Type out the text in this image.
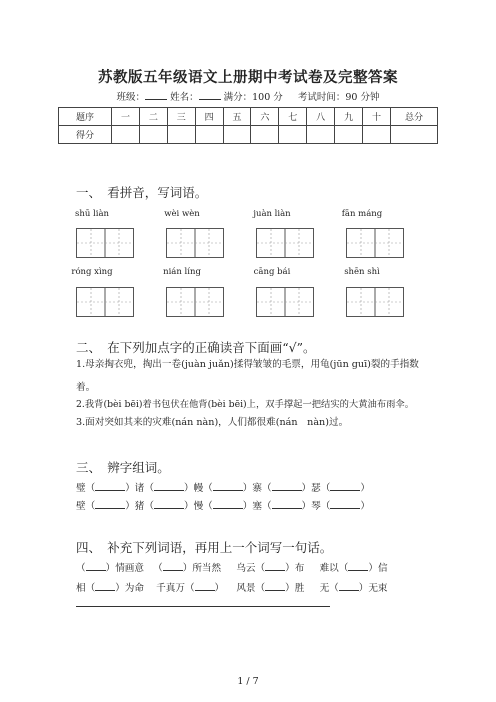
苏教版五年级语文上册期中考试卷及完整答案
班级：	姓名：	满分：100 分 考试时间：90 分钟
题序	一	二	三	四	五	六	七	八	九	十	总分
得分											
一、　看拼音，写词语。
shū liàn	wèi wèn	juàn liàn	fān máng
róng xìng	nián líng	cāng bái	shēn shì
二、　在下列加点字的正确读音下面画“√”。
1.母亲掏衣兜，掏出一卷(juàn juǎn)揉得皱皱的毛票，用龟(jūn guī)裂的手指数
着。
2.我背(bèi bēi)着书包伏在他背(bèi bēi)上，双手撑起一把结实的大黄油布雨伞。
3.面对突如其来的灾难(nán nàn)，人们都很难(nán　nàn)过。
三、　辨字组词。
璧（	）诸（	）幔（	）寨（	）瑟（	）
壁（	）猪（	）慢（	）塞（	）琴（	）
四、　补充下列词语，再用上一个词写一句话。
（ ）情画意   （ ）所当然 乌云（ ）布 难以（ ）信
相（ ）为命 千真万（ ）    风景（ ）胜 无（ ）无束
1 / 7
